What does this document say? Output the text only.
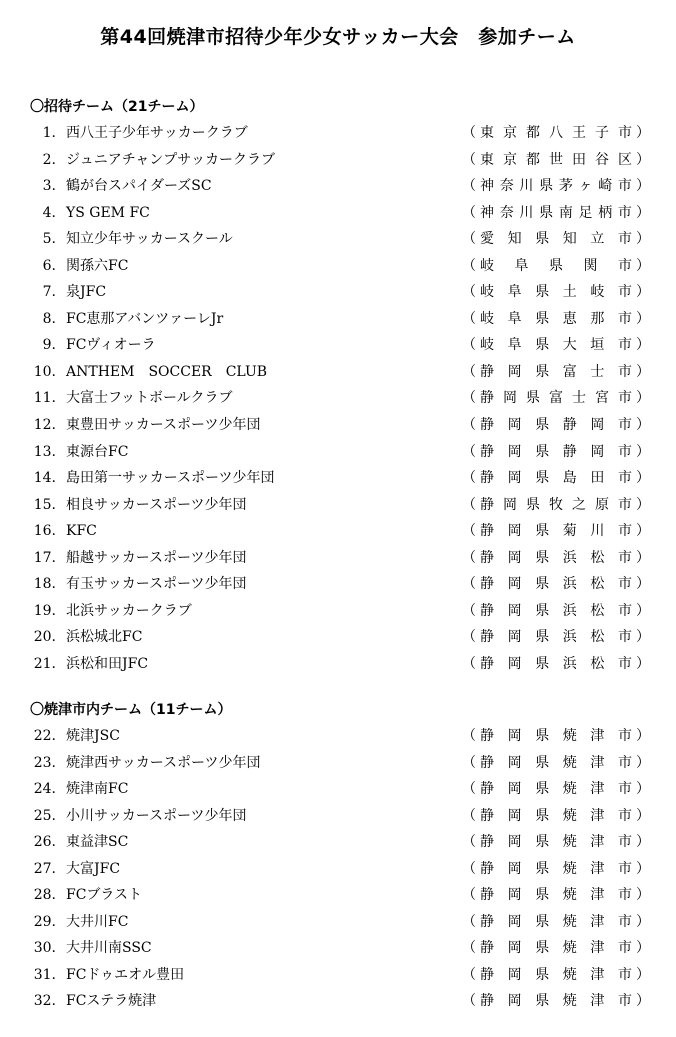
第44回焼津市招待少年少女サッカー大会　参加チーム
〇招待チーム（21チーム）
1. 西八王子少年サッカークラブ	（ 東 京 都 八 王 子 市 ）
2. ジュニアチャンプサッカークラブ	（ 東 京 都 世 田 谷 区 ）
3. 鶴が台スパイダーズSC	（ 神 奈 川 県 茅 ヶ 崎 市 ）
4. YS GEM FC	（ 神 奈 川 県 南 足 柄 市 ）
5. 知立少年サッカースクール	（ 愛 知 県 知 立 市 ）
6. 関孫六FC	（ 岐 阜 県 関 市 ）
7. 泉JFC	（ 岐 阜 県 土 岐 市 ）
8. FC恵那アバンツァーレJr	（ 岐 阜 県 恵 那 市 ）
9. FCヴィオーラ	（ 岐 阜 県 大 垣 市 ）
10. ANTHEM　SOCCER　CLUB	（ 静 岡 県 富 士 市 ）
11. 大富士フットボールクラブ	（ 静 岡 県 富 士 宮 市 ）
12. 東豊田サッカースポーツ少年団	（ 静 岡 県 静 岡 市 ）
13. 東源台FC	（ 静 岡 県 静 岡 市 ）
14. 島田第一サッカースポーツ少年団	（ 静 岡 県 島 田 市 ）
15. 相良サッカースポーツ少年団	（ 静 岡 県 牧 之 原 市 ）
16. KFC	（ 静 岡 県 菊 川 市 ）
17. 船越サッカースポーツ少年団	（ 静 岡 県 浜 松 市 ）
18. 有玉サッカースポーツ少年団	（ 静 岡 県 浜 松 市 ）
19. 北浜サッカークラブ	（ 静 岡 県 浜 松 市 ）
20. 浜松城北FC	（ 静 岡 県 浜 松 市 ）
21. 浜松和田JFC	（ 静 岡 県 浜 松 市 ）
〇焼津市内チーム（11チーム）
22. 焼津JSC	（ 静 岡 県 焼 津 市 ）
23. 焼津西サッカースポーツ少年団	（ 静 岡 県 焼 津 市 ）
24. 焼津南FC	（ 静 岡 県 焼 津 市 ）
25. 小川サッカースポーツ少年団	（ 静 岡 県 焼 津 市 ）
26. 東益津SC	（ 静 岡 県 焼 津 市 ）
27. 大富JFC	（ 静 岡 県 焼 津 市 ）
28. FCブラスト	（ 静 岡 県 焼 津 市 ）
29. 大井川FC	（ 静 岡 県 焼 津 市 ）
30. 大井川南SSC	（ 静 岡 県 焼 津 市 ）
31. FCドゥエオル豊田	（ 静 岡 県 焼 津 市 ）
32. FCステラ焼津	（ 静 岡 県 焼 津 市 ）
